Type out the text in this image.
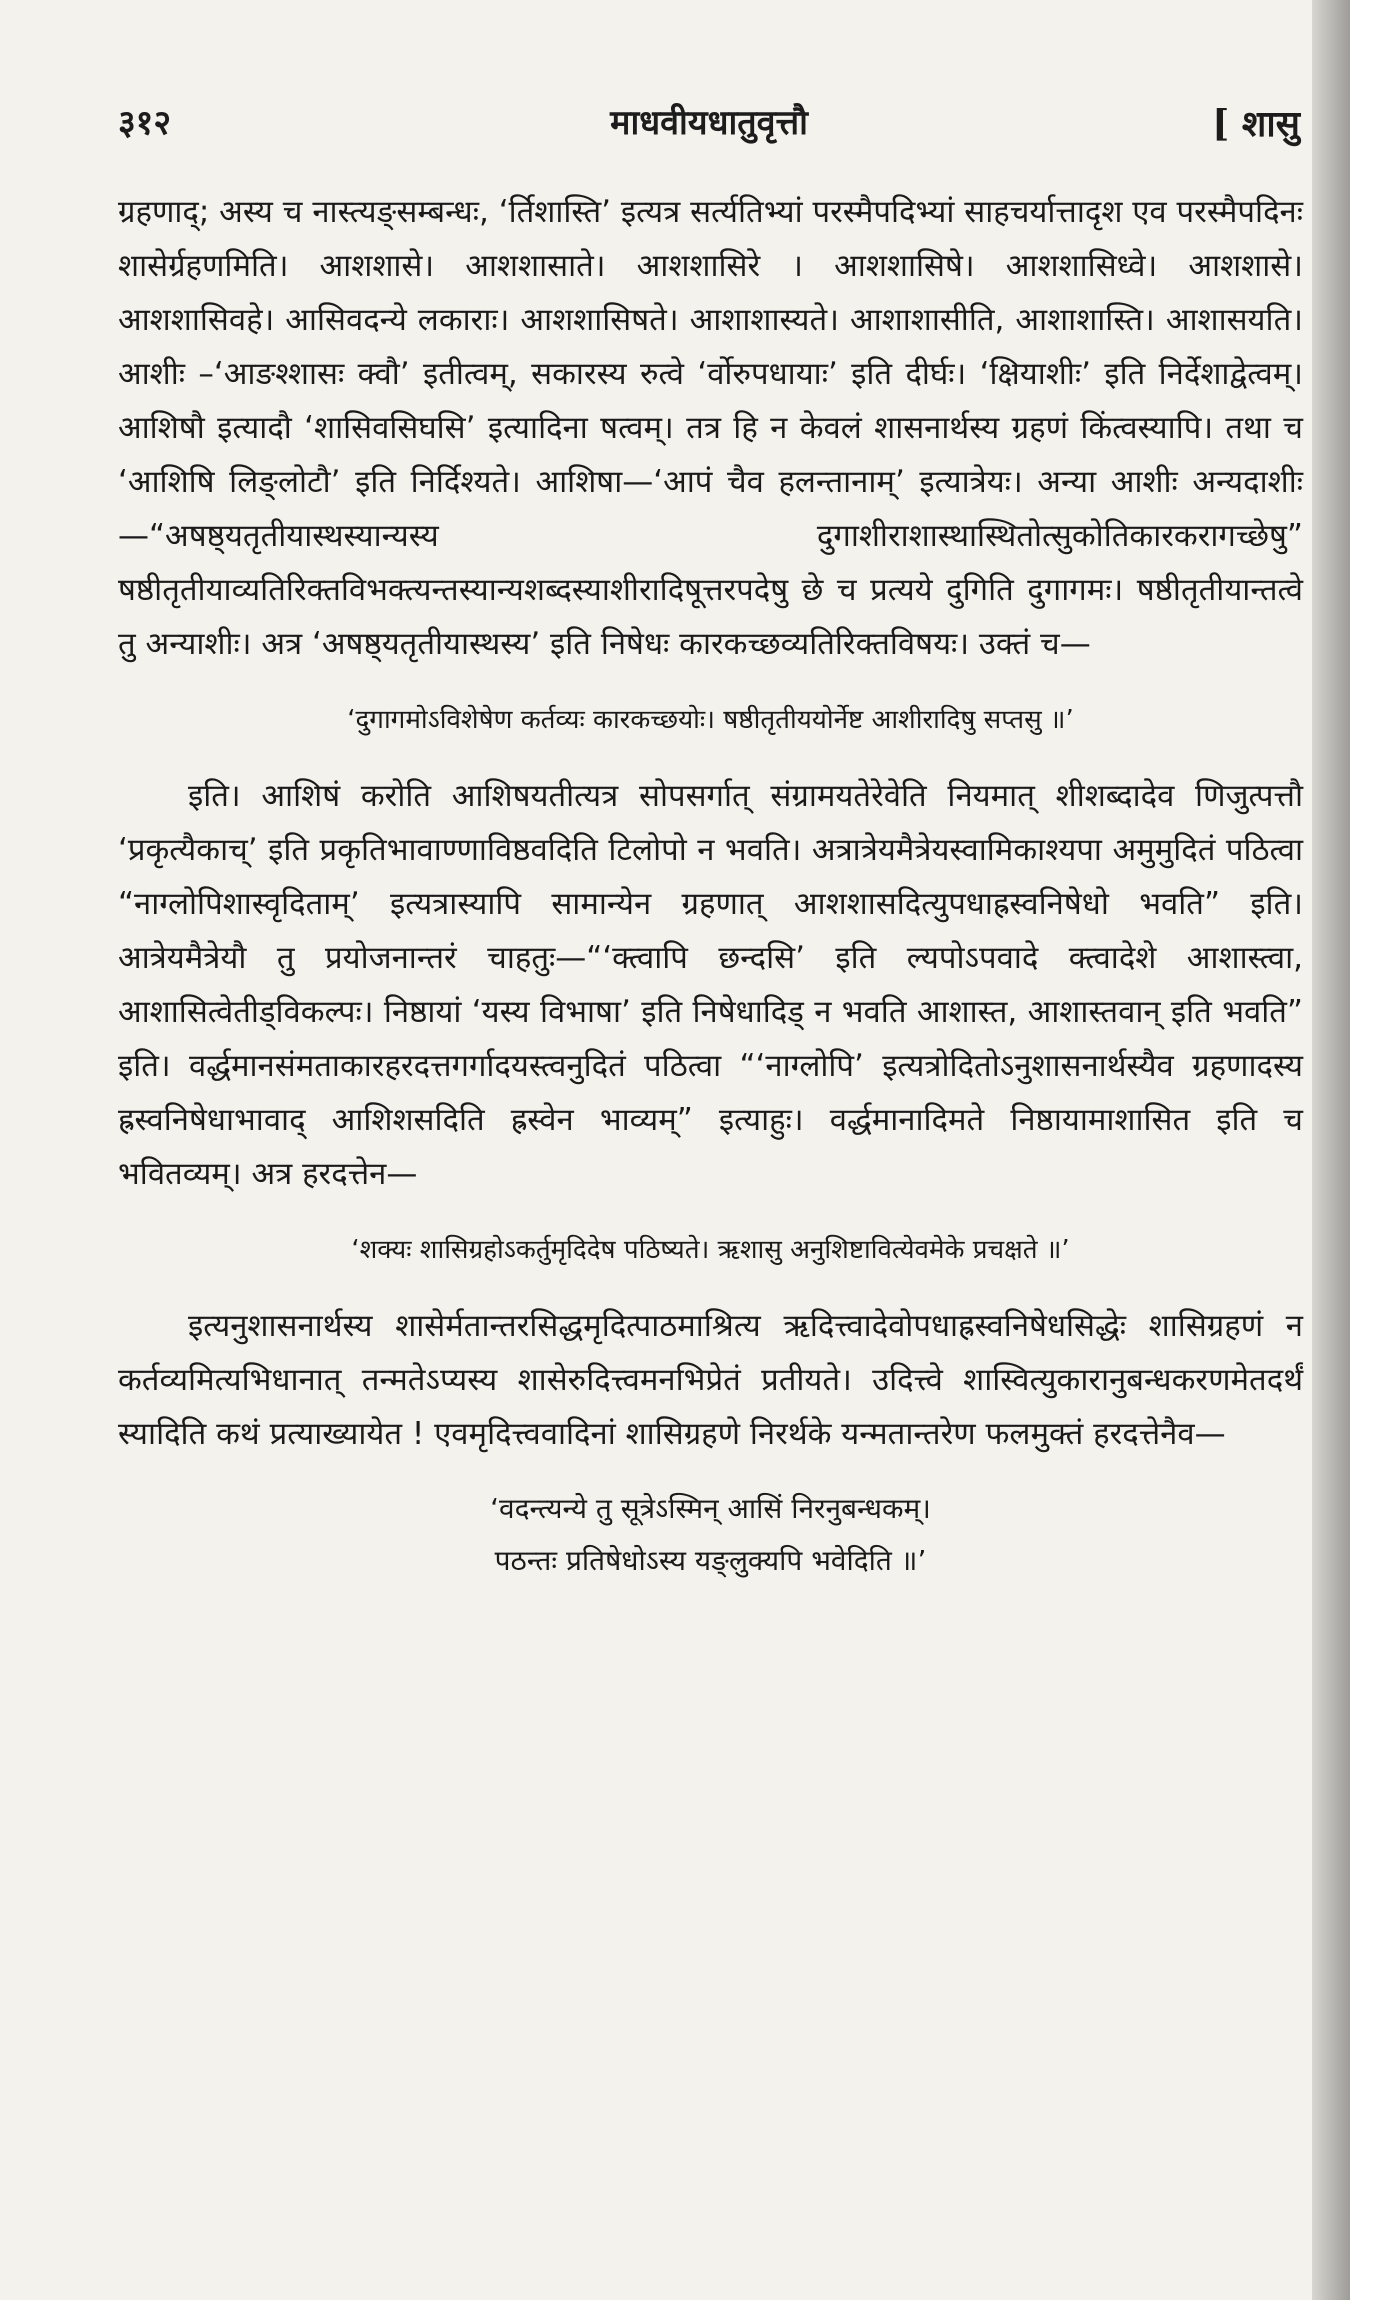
३१२	माधवीयधातुवृत्तौ	[ शासु

ग्रहणाद्; अस्य च नास्त्यङ्सम्बन्धः, ‘र्तिशास्ति’ इत्यत्र सर्त्यतिभ्यां परस्मैपदिभ्यां साहचर्यात्तादृश एव परस्मैपदिनः शासेर्ग्रहणमिति। आशशासे। आशशासाते। आशशासिरे । आशशासिषे। आशशासिध्वे। आशशासे। आशशासिवहे। आसिवदन्ये लकाराः। आशशासिषते। आशाशास्यते। आशाशासीति, आशाशास्ति। आशासयति। आशीः –‘आङश्शासः क्वौ’ इतीत्वम्, सकारस्य रुत्वे ‘र्वोरुपधायाः’ इति दीर्घः। ‘क्षियाशीः’ इति निर्देशाद्वेत्वम्। आशिषौ इत्यादौ ‘शासिवसिघसि’ इत्यादिना षत्वम्। तत्र हि न केवलं शासनार्थस्य ग्रहणं किंत्वस्यापि। तथा च ‘आशिषि लिङ्लोटौ’ इति निर्दिश्यते। आशिषा—‘आपं चैव हलन्तानाम्’ इत्यात्रेयः। अन्या आशीः अन्यदाशीः—“अषष्ठ्यतृतीयास्थस्यान्यस्य दुगाशीराशास्थास्थितोत्सुकोतिकारकरागच्छेषु” षष्ठीतृतीयाव्यतिरिक्तविभक्त्यन्तस्यान्यशब्दस्याशीरादिषूत्तरपदेषु छे च प्रत्यये दुगिति दुगागमः। षष्ठीतृतीयान्तत्वे तु अन्याशीः। अत्र ‘अषष्ठ्यतृतीयास्थस्य’ इति निषेधः कारकच्छव्यतिरिक्तविषयः। उक्तं च—

‘दुगागमोऽविशेषेण कर्तव्यः कारकच्छयोः। षष्ठीतृतीययोर्नेष्ट आशीरादिषु सप्तसु ॥’

इति। आशिषं करोति आशिषयतीत्यत्र सोपसर्गात् संग्रामयतेरेवेति नियमात् शीशब्दादेव णिजुत्पत्तौ ‘प्रकृत्यैकाच्’ इति प्रकृतिभावाण्णाविष्ठवदिति टिलोपो न भवति। अत्रात्रेयमैत्रेयस्वामिकाश्यपा अमुमुदितं पठित्वा “नाग्लोपिशास्वृदिताम्’ इत्यत्रास्यापि सामान्येन ग्रहणात् आशशासदित्युपधाह्रस्वनिषेधो भवति” इति। आत्रेयमैत्रेयौ तु प्रयोजनान्तरं चाहतुः—“‘क्त्वापि छन्दसि’ इति ल्यपोऽपवादे क्त्वादेशे आशास्त्वा, आशासित्वेतीड्विकल्पः। निष्ठायां ‘यस्य विभाषा’ इति निषेधादिड् न भवति आशास्त, आशास्तवान् इति भवति” इति। वर्द्धमानसंमताकारहरदत्तगर्गादयस्त्वनुदितं पठित्वा “‘नाग्लोपि’ इत्यत्रोदितोऽनुशासनार्थस्यैव ग्रहणादस्य ह्रस्वनिषेधाभावाद् आशिशसदिति ह्रस्वेन भाव्यम्” इत्याहुः। वर्द्धमानादिमते निष्ठायामाशासित इति च भवितव्यम्। अत्र हरदत्तेन—

‘शक्यः शासिग्रहोऽकर्तुमृदिदेष पठिष्यते। ऋशासु अनुशिष्टावित्येवमेके प्रचक्षते ॥’

इत्यनुशासनार्थस्य शासेर्मतान्तरसिद्धमृदित्पाठमाश्रित्य ऋदित्त्वादेवोपधाह्रस्वनिषेधसिद्धेः शासिग्रहणं न कर्तव्यमित्यभिधानात् तन्मतेऽप्यस्य शासेरुदित्त्वमनभिप्रेतं प्रतीयते। उदित्त्वे शास्वित्युकारानुबन्धकरणमेतदर्थं स्यादिति कथं प्रत्याख्यायेत ! एवमृदित्त्ववादिनां शासिग्रहणे निरर्थके यन्मतान्तरेण फलमुक्तं हरदत्तेनैव—

‘वदन्त्यन्ये तु सूत्रेऽस्मिन् आसिं निरनुबन्धकम्।
पठन्तः प्रतिषेधोऽस्य यङ्लुक्यपि भवेदिति ॥’
